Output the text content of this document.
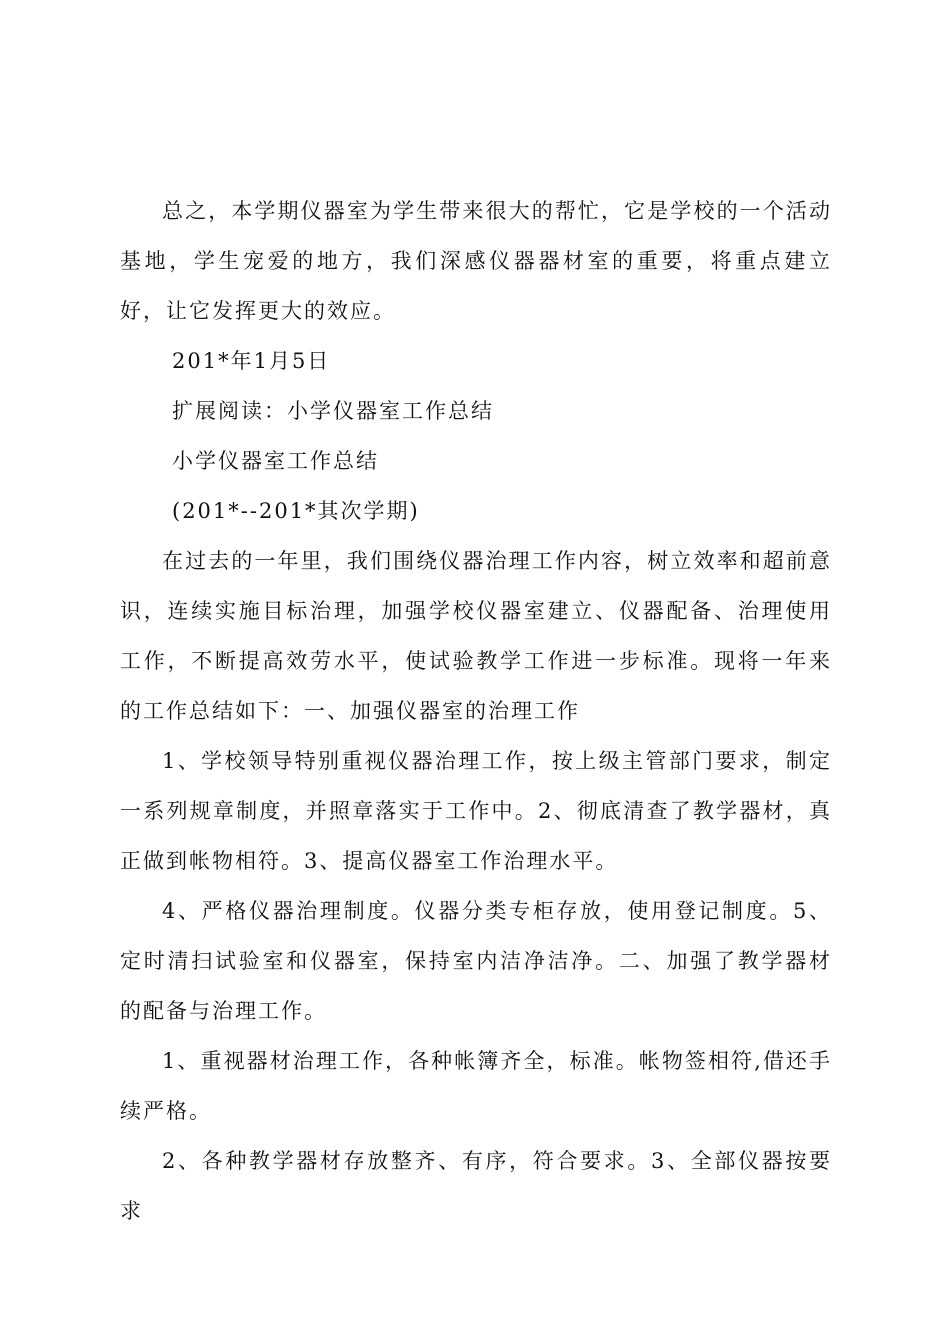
总之，本学期仪器室为学生带来很大的帮忙，它是学校的一个活动基地，学生宠爱的地方，我们深感仪器器材室的重要，将重点建立好，让它发挥更大的效应。

201*年1月5日

扩展阅读：小学仪器室工作总结

小学仪器室工作总结

(201*--201*其次学期)

在过去的一年里，我们围绕仪器治理工作内容，树立效率和超前意识，连续实施目标治理，加强学校仪器室建立、仪器配备、治理使用工作，不断提高效劳水平，使试验教学工作进一步标准。现将一年来的工作总结如下：一、加强仪器室的治理工作

1、学校领导特别重视仪器治理工作，按上级主管部门要求，制定一系列规章制度，并照章落实于工作中。2、彻底清查了教学器材，真正做到帐物相符。3、提高仪器室工作治理水平。

4、严格仪器治理制度。仪器分类专柜存放，使用登记制度。5、定时清扫试验室和仪器室，保持室内洁净洁净。二、加强了教学器材的配备与治理工作。

1、重视器材治理工作，各种帐簿齐全，标准。帐物签相符,借还手续严格。

2、各种教学器材存放整齐、有序，符合要求。3、全部仪器按要求
